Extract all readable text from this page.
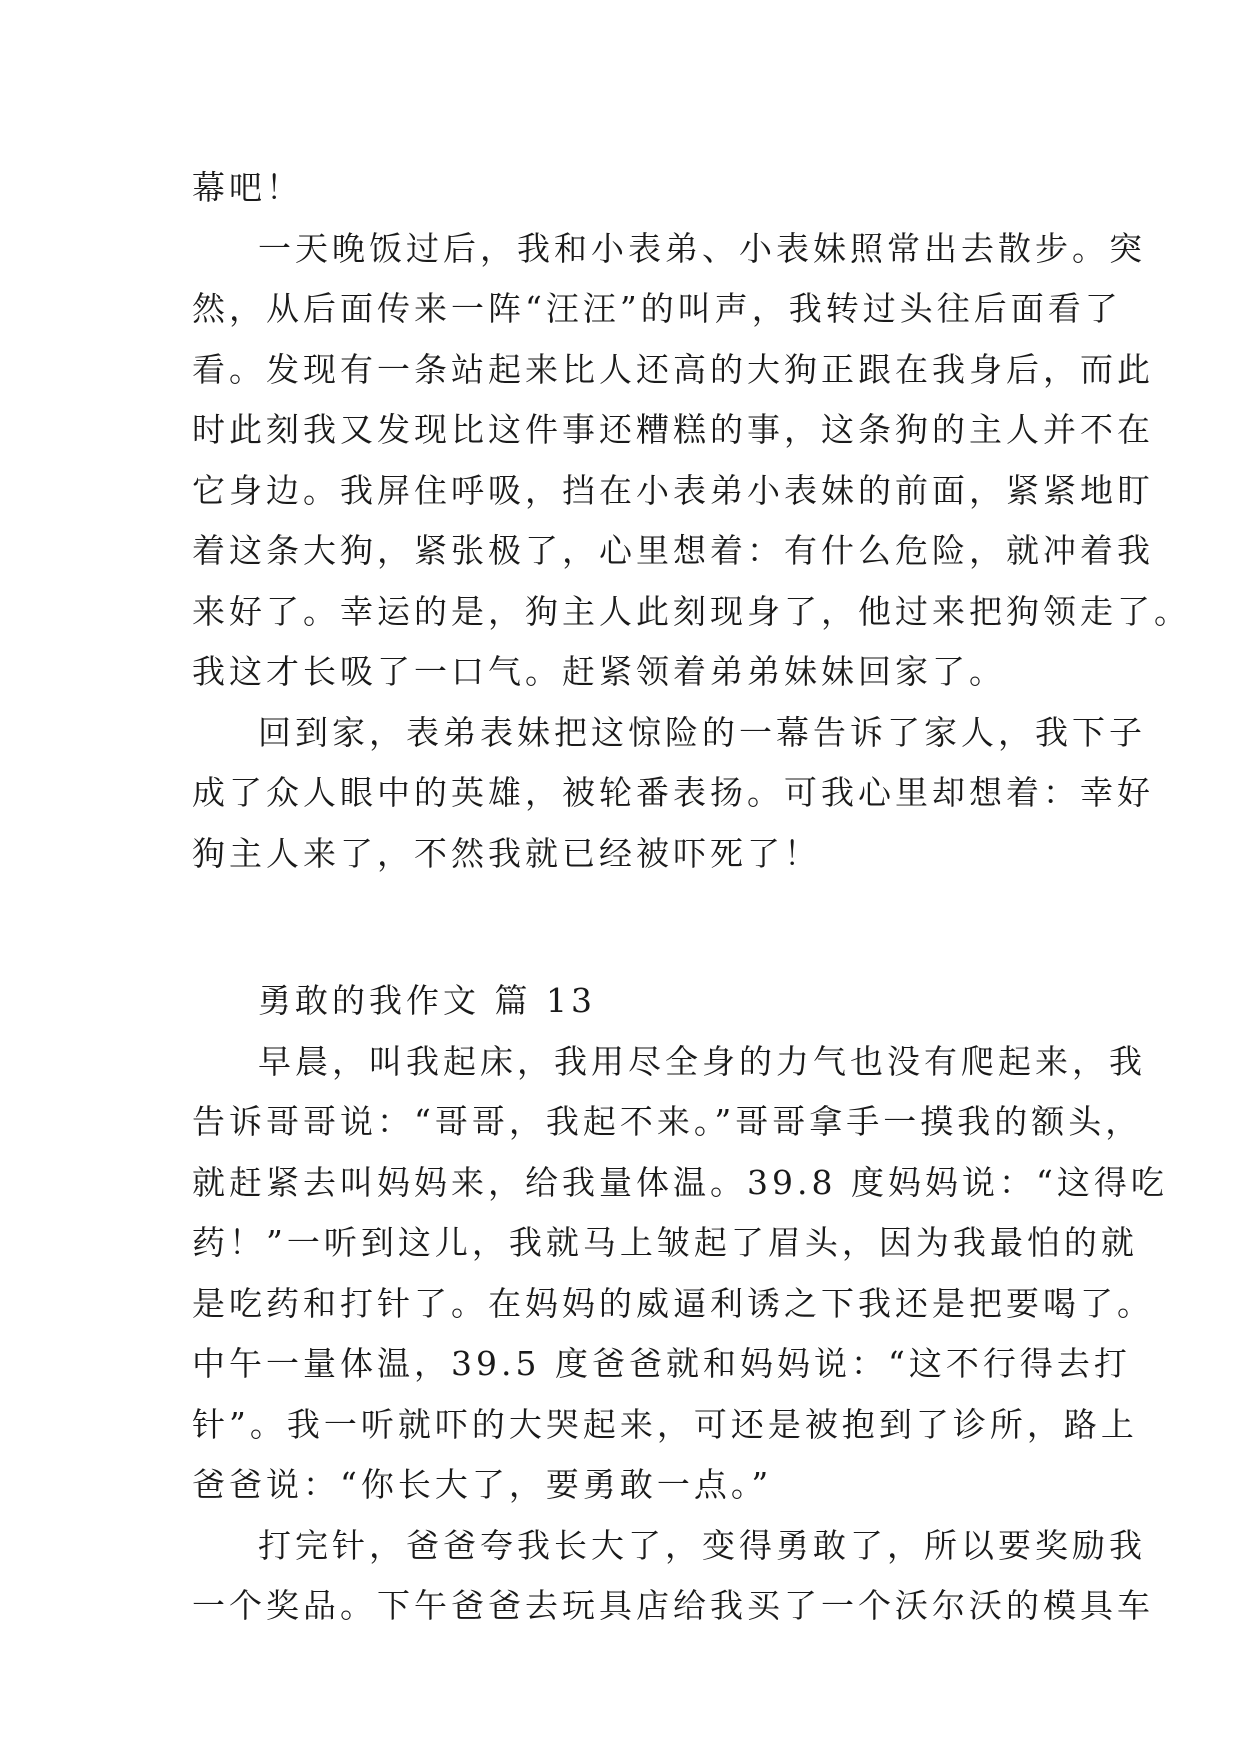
幕吧！
一天晚饭过后，我和小表弟、小表妹照常出去散步。突
然，从后面传来一阵“汪汪”的叫声，我转过头往后面看了
看。发现有一条站起来比人还高的大狗正跟在我身后，而此
时此刻我又发现比这件事还糟糕的事，这条狗的主人并不在
它身边。我屏住呼吸，挡在小表弟小表妹的前面，紧紧地盯
着这条大狗，紧张极了，心里想着：有什么危险，就冲着我
来好了。幸运的是，狗主人此刻现身了，他过来把狗领走了。
我这才长吸了一口气。赶紧领着弟弟妹妹回家了。
回到家，表弟表妹把这惊险的一幕告诉了家人，我下子
成了众人眼中的英雄，被轮番表扬。可我心里却想着：幸好
狗主人来了，不然我就已经被吓死了！
勇敢的我作文 篇 13
早晨，叫我起床，我用尽全身的力气也没有爬起来，我
告诉哥哥说：“哥哥，我起不来。”哥哥拿手一摸我的额头，
就赶紧去叫妈妈来，给我量体温。39.8 度妈妈说：“这得吃
药！”一听到这儿，我就马上皱起了眉头，因为我最怕的就
是吃药和打针了。在妈妈的威逼利诱之下我还是把要喝了。
中午一量体温，39.5 度爸爸就和妈妈说：“这不行得去打
针”。我一听就吓的大哭起来，可还是被抱到了诊所，路上
爸爸说：“你长大了，要勇敢一点。”
打完针，爸爸夸我长大了，变得勇敢了，所以要奖励我
一个奖品。下午爸爸去玩具店给我买了一个沃尔沃的模具车
